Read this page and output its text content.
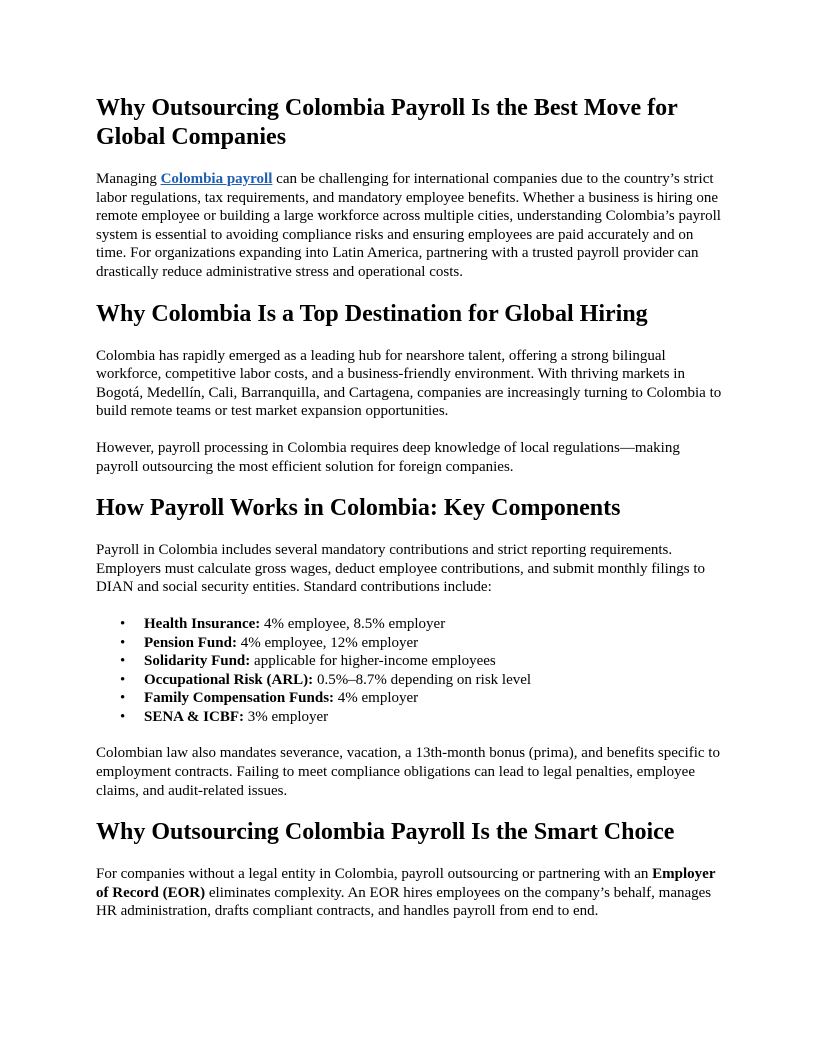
Why Outsourcing Colombia Payroll Is the Best Move for Global Companies

Managing Colombia payroll can be challenging for international companies due to the country’s strict labor regulations, tax requirements, and mandatory employee benefits. Whether a business is hiring one remote employee or building a large workforce across multiple cities, understanding Colombia’s payroll system is essential to avoiding compliance risks and ensuring employees are paid accurately and on time. For organizations expanding into Latin America, partnering with a trusted payroll provider can drastically reduce administrative stress and operational costs.

Why Colombia Is a Top Destination for Global Hiring

Colombia has rapidly emerged as a leading hub for nearshore talent, offering a strong bilingual workforce, competitive labor costs, and a business-friendly environment. With thriving markets in Bogotá, Medellín, Cali, Barranquilla, and Cartagena, companies are increasingly turning to Colombia to build remote teams or test market expansion opportunities.

However, payroll processing in Colombia requires deep knowledge of local regulations—making payroll outsourcing the most efficient solution for foreign companies.

How Payroll Works in Colombia: Key Components

Payroll in Colombia includes several mandatory contributions and strict reporting requirements. Employers must calculate gross wages, deduct employee contributions, and submit monthly filings to DIAN and social security entities. Standard contributions include:

• Health Insurance: 4% employee, 8.5% employer
• Pension Fund: 4% employee, 12% employer
• Solidarity Fund: applicable for higher-income employees
• Occupational Risk (ARL): 0.5%–8.7% depending on risk level
• Family Compensation Funds: 4% employer
• SENA & ICBF: 3% employer

Colombian law also mandates severance, vacation, a 13th-month bonus (prima), and benefits specific to employment contracts. Failing to meet compliance obligations can lead to legal penalties, employee claims, and audit-related issues.

Why Outsourcing Colombia Payroll Is the Smart Choice

For companies without a legal entity in Colombia, payroll outsourcing or partnering with an Employer of Record (EOR) eliminates complexity. An EOR hires employees on the company’s behalf, manages HR administration, drafts compliant contracts, and handles payroll from end to end.
